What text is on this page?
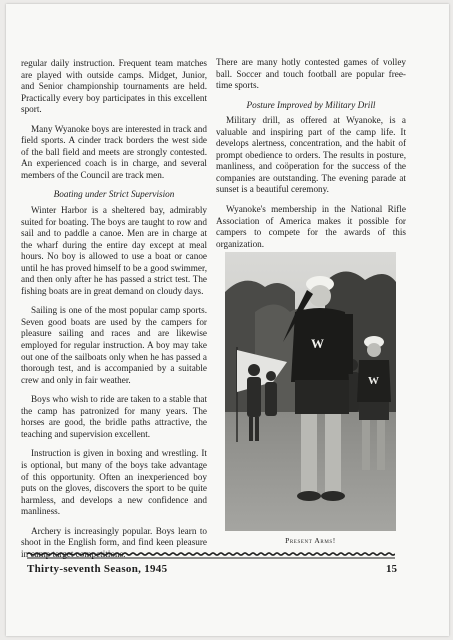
regular daily instruction. Frequent team matches are played with outside camps. Midget, Junior, and Senior championship tournaments are held. Practically every boy participates in this excellent sport.

Many Wyanoke boys are interested in track and field sports. A cinder track borders the west side of the ball field and meets are strongly contested. An experienced coach is in charge, and several members of the Council are track men.

Boating under Strict Supervision

Winter Harbor is a sheltered bay, admirably suited for boating. The boys are taught to row and sail and to paddle a canoe. Men are in charge at the wharf during the entire day except at meal hours. No boy is allowed to use a boat or canoe until he has proved himself to be a good swimmer, and then only after he has passed a strict test. The fishing boats are in great demand on cloudy days.

Sailing is one of the most popular camp sports. Seven good boats are used by the campers for pleasure sailing and races and are likewise employed for regular instruction. A boy may take out one of the sailboats only when he has passed a thorough test, and is accompanied by a suitable crew and only in fair weather.

Boys who wish to ride are taken to a stable that the camp has patronized for many years. The horses are good, the bridle paths attractive, the teaching and supervision excellent.

Instruction is given in boxing and wrestling. It is optional, but many of the boys take advantage of this opportunity. Often an inexperienced boy puts on the gloves, discovers the sport to be quite harmless, and develops a new confidence and manliness.

Archery is increasingly popular. Boys learn to shoot in the English form, and find keen pleasure in camp target competitions.

There are many hotly contested games of volley ball. Soccer and touch football are popular free-time sports.

Posture Improved by Military Drill

Military drill, as offered at Wyanoke, is a valuable and inspiring part of the camp life. It develops alertness, concentration, and the habit of prompt obedience to orders. The results in posture, manliness, and coöperation for the success of the companies are outstanding. The evening parade at sunset is a beautiful ceremony.

Wyanoke's membership in the National Rifle Association of America makes it possible for campers to compete for the awards of this organization.

W
W
Present Arms!
Thirty-seventh Season, 1945	15
